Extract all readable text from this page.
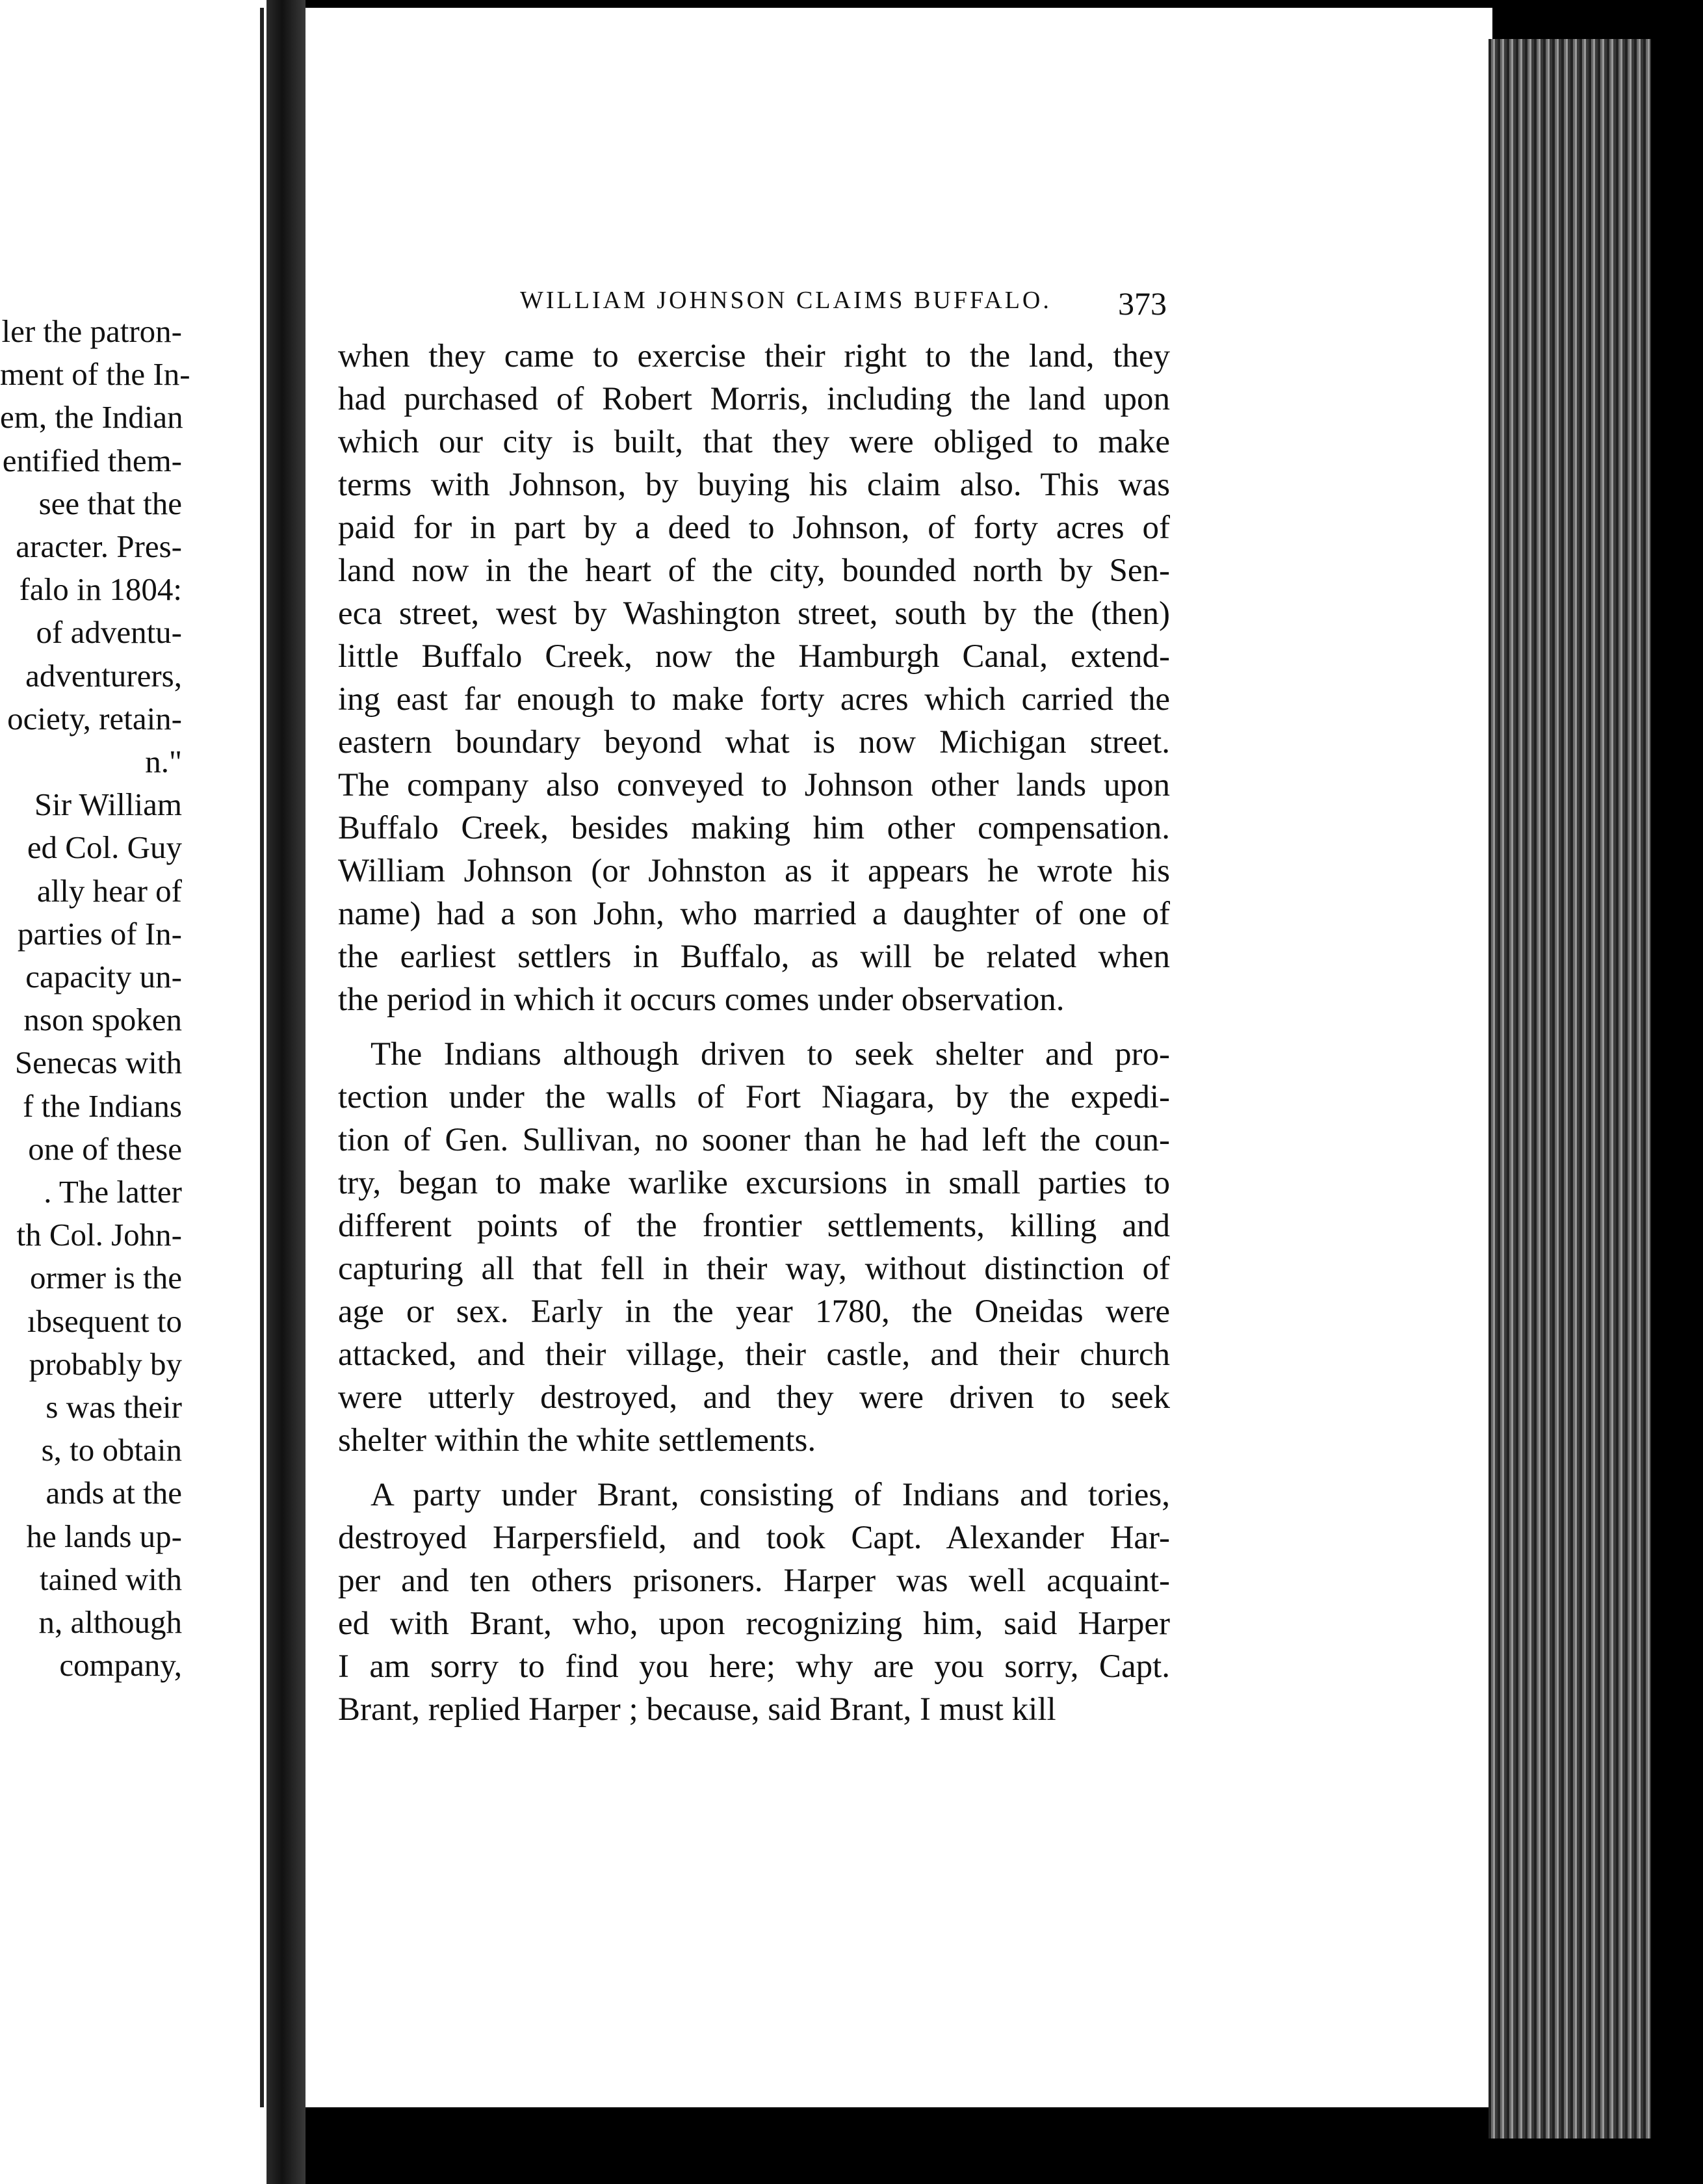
ler the patron-
ment of the In-
em, the Indian
entified them-
see that the
aracter. Pres-
falo in 1804:
of adventu-
adventurers,
ociety, retain-
n."
Sir William
ed Col. Guy
ally hear of
parties of In-
capacity un-
nson spoken
Senecas with
f the Indians
one of these
. The latter
th Col. John-
ormer is the
ıbsequent to
probably by
s was their
s, to obtain
ands at the
he lands up-
tained with
n, although
company,
WILLIAM JOHNSON CLAIMS BUFFALO.	373
when they came to exercise their right to the land, they
had purchased of Robert Morris, including the land upon
which our city is built, that they were obliged to make
terms with Johnson, by buying his claim also. This was
paid for in part by a deed to Johnson, of forty acres of
land now in the heart of the city, bounded north by Sen-
eca street, west by Washington street, south by the (then)
little Buffalo Creek, now the Hamburgh Canal, extend-
ing east far enough to make forty acres which carried the
eastern boundary beyond what is now Michigan street.
The company also conveyed to Johnson other lands upon
Buffalo Creek, besides making him other compensation.
William Johnson (or Johnston as it appears he wrote his
name) had a son John, who married a daughter of one of
the earliest settlers in Buffalo, as will be related when
the period in which it occurs comes under observation.
The Indians although driven to seek shelter and pro-
tection under the walls of Fort Niagara, by the expedi-
tion of Gen. Sullivan, no sooner than he had left the coun-
try, began to make warlike excursions in small parties to
different points of the frontier settlements, killing and
capturing all that fell in their way, without distinction of
age or sex. Early in the year 1780, the Oneidas were
attacked, and their village, their castle, and their church
were utterly destroyed, and they were driven to seek
shelter within the white settlements.
A party under Brant, consisting of Indians and tories,
destroyed Harpersfield, and took Capt. Alexander Har-
per and ten others prisoners. Harper was well acquaint-
ed with Brant, who, upon recognizing him, said Harper
I am sorry to find you here; why are you sorry, Capt.
Brant, replied Harper ; because, said Brant, I must kill
